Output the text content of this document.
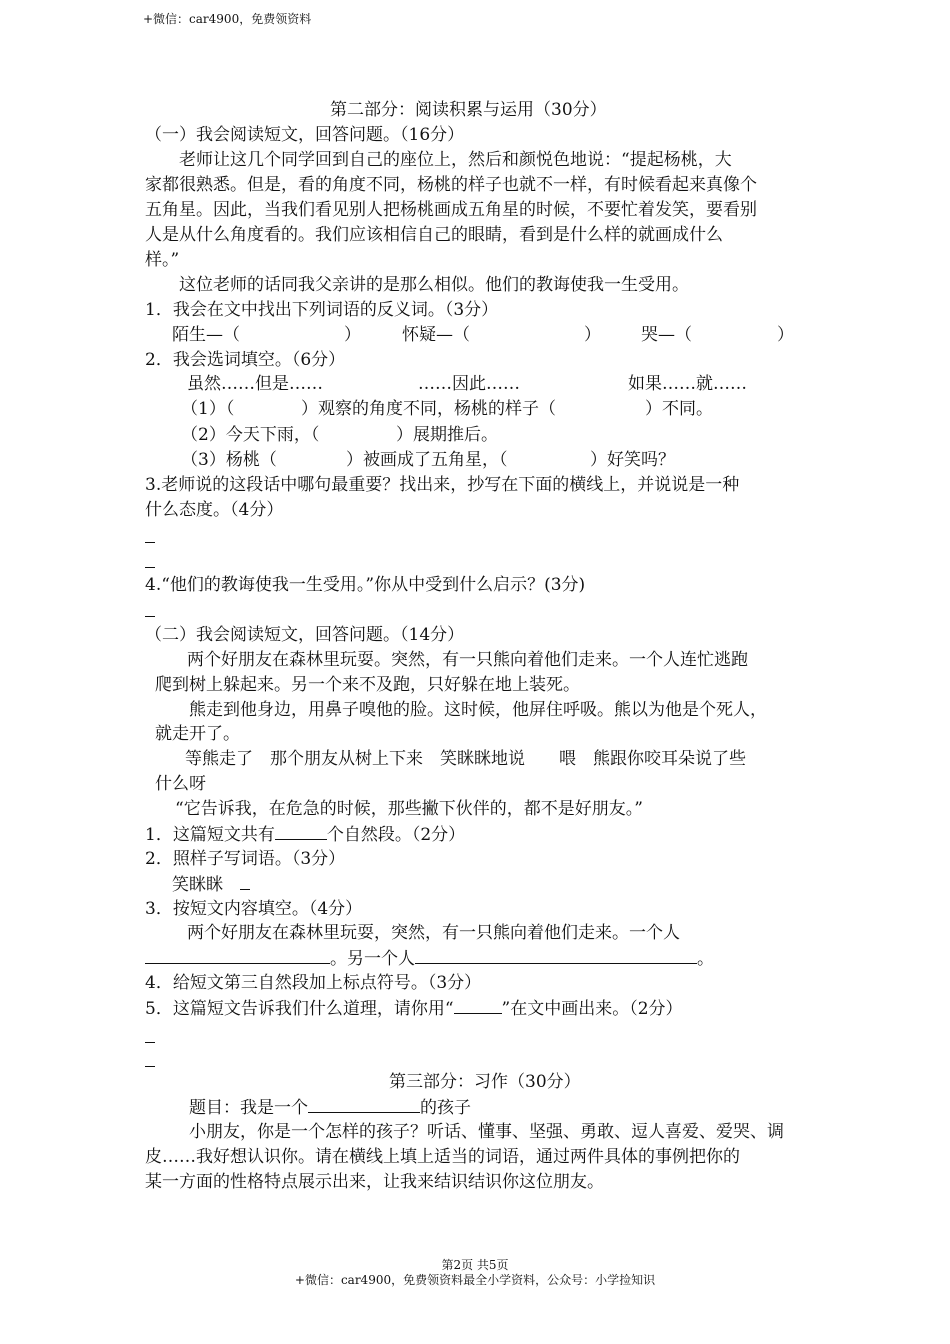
+微信：car4900，免费领资料
第二部分：阅读积累与运用（30分）
（一）我会阅读短文，回答问题。（16分）
老师让这几个同学回到自己的座位上，然后和颜悦色地说：“提起杨桃，大
家都很熟悉。但是，看的角度不同，杨桃的样子也就不一样，有时候看起来真像个
五角星。因此，当我们看见别人把杨桃画成五角星的时候，不要忙着发笑，要看别
人是从什么角度看的。我们应该相信自己的眼睛，看到是什么样的就画成什么
样。”
这位老师的话同我父亲讲的是那么相似。他们的教诲使我一生受用。
1．我会在文中找出下列词语的反义词。（3分）
陌生—（	） 怀疑—（	） 哭—（	）
2．我会选词填空。（6分）
虽然……但是……	……因此……	如果……就……
（1）（	）观察的角度不同，杨桃的样子（	）不同。
（2）今天下雨，（	）展期推后。
（3）杨桃（	）被画成了五角星，（	）好笑吗？
3.老师说的这段话中哪句最重要？找出来，抄写在下面的横线上，并说说是一种
什么态度。（4分）
4.“他们的教诲使我一生受用。”你从中受到什么启示？(3分)
（二）我会阅读短文，回答问题。（14分）
两个好朋友在森林里玩耍。突然，有一只熊向着他们走来。一个人连忙逃跑
爬到树上躲起来。另一个来不及跑，只好躲在地上装死。
熊走到他身边，用鼻子嗅他的脸。这时候，他屏住呼吸。熊以为他是个死人，
就走开了。
等熊走了　那个朋友从树上下来　笑眯眯地说　　喂　熊跟你咬耳朵说了些
什么呀
“它告诉我，在危急的时候，那些撇下伙伴的，都不是好朋友。”
1．这篇短文共有	个自然段。（2分）
2．照样子写词语。（3分）
笑眯眯
3．按短文内容填空。（4分）
两个好朋友在森林里玩耍，突然，有一只熊向着他们走来。一个人
。另一个人	。
4．给短文第三自然段加上标点符号。（3分）
5．这篇短文告诉我们什么道理，请你用“	”在文中画出来。（2分）
第三部分：习作（30分）
题目：我是一个	的孩子
小朋友，你是一个怎样的孩子？听话、懂事、坚强、勇敢、逗人喜爱、爱哭、调
皮……我好想认识你。请在横线上填上适当的词语，通过两件具体的事例把你的
某一方面的性格特点展示出来，让我来结识结识你这位朋友。
第2页 共5页
+微信：car4900，免费领资料最全小学资料，公众号：小学捡知识
